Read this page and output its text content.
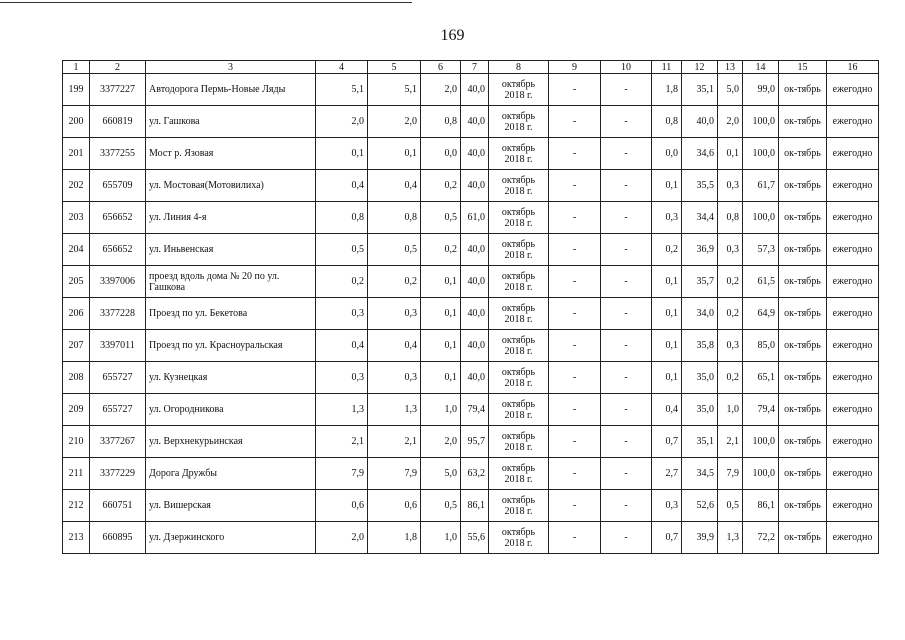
169
1	2	3	4	5	6	7	8	9	10	11	12	13	14	15	16
199	3377227	Автодорога Пермь-Новые Ляды	5,1	5,1	2,0	40,0	октябрь 2018 г.	-	-	1,8	35,1	5,0	99,0	ок-тябрь	ежегодно
200	660819	ул. Гашкова	2,0	2,0	0,8	40,0	октябрь 2018 г.	-	-	0,8	40,0	2,0	100,0	ок-тябрь	ежегодно
201	3377255	Мост р. Язовая	0,1	0,1	0,0	40,0	октябрь 2018 г.	-	-	0,0	34,6	0,1	100,0	ок-тябрь	ежегодно
202	655709	ул. Мостовая(Мотовилиха)	0,4	0,4	0,2	40,0	октябрь 2018 г.	-	-	0,1	35,5	0,3	61,7	ок-тябрь	ежегодно
203	656652	ул. Линия 4-я	0,8	0,8	0,5	61,0	октябрь 2018 г.	-	-	0,3	34,4	0,8	100,0	ок-тябрь	ежегодно
204	656652	ул. Иньвенская	0,5	0,5	0,2	40,0	октябрь 2018 г.	-	-	0,2	36,9	0,3	57,3	ок-тябрь	ежегодно
205	3397006	проезд вдоль дома № 20 по ул. Гашкова	0,2	0,2	0,1	40,0	октябрь 2018 г.	-	-	0,1	35,7	0,2	61,5	ок-тябрь	ежегодно
206	3377228	Проезд по ул. Бекетова	0,3	0,3	0,1	40,0	октябрь 2018 г.	-	-	0,1	34,0	0,2	64,9	ок-тябрь	ежегодно
207	3397011	Проезд по ул. Красноуральская	0,4	0,4	0,1	40,0	октябрь 2018 г.	-	-	0,1	35,8	0,3	85,0	ок-тябрь	ежегодно
208	655727	ул. Кузнецкая	0,3	0,3	0,1	40,0	октябрь 2018 г.	-	-	0,1	35,0	0,2	65,1	ок-тябрь	ежегодно
209	655727	ул. Огородникова	1,3	1,3	1,0	79,4	октябрь 2018 г.	-	-	0,4	35,0	1,0	79,4	ок-тябрь	ежегодно
210	3377267	ул. Верхнекурьинская	2,1	2,1	2,0	95,7	октябрь 2018 г.	-	-	0,7	35,1	2,1	100,0	ок-тябрь	ежегодно
211	3377229	Дорога Дружбы	7,9	7,9	5,0	63,2	октябрь 2018 г.	-	-	2,7	34,5	7,9	100,0	ок-тябрь	ежегодно
212	660751	ул. Вишерская	0,6	0,6	0,5	86,1	октябрь 2018 г.	-	-	0,3	52,6	0,5	86,1	ок-тябрь	ежегодно
213	660895	ул. Дзержинского	2,0	1,8	1,0	55,6	октябрь 2018 г.	-	-	0,7	39,9	1,3	72,2	ок-тябрь	ежегодно
